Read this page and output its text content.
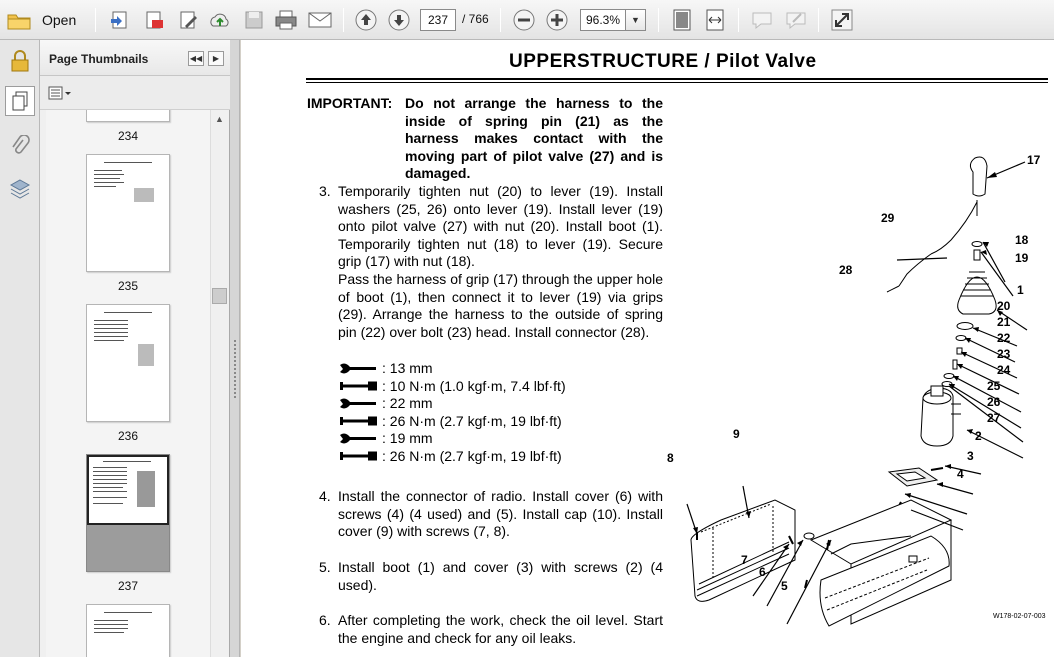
Open	237	/ 766	96.3%	▼
Page Thumbnails	◀◀ ▶
234
235
236
237
▲
UPPERSTRUCTURE / Pilot Valve
IMPORTANT: Do not arrange the harness to the inside of spring pin (21) as the harness makes contact with the moving part of pilot valve (27) and is damaged.
3. Temporarily tighten nut (20) to lever (19). Install washers (25, 26) onto lever (19). Install lever (19) onto pilot valve (27) with nut (20). Install boot (1). Temporarily tighten nut (18) to lever (19). Secure grip (17) with nut (18).
Pass the harness of grip (17) through the upper hole of boot (1), then connect it to lever (19) via grips (29). Arrange the harness to the outside of spring pin (22) over bolt (23) head. Install connector (28).
: 13 mm
: 10 N·m (1.0 kgf·m, 7.4 lbf·ft)
: 22 mm
: 26 N·m (2.7 kgf·m, 19 lbf·ft)
: 19 mm
: 26 N·m (2.7 kgf·m, 19 lbf·ft)
4. Install the connector of radio. Install cover (6) with screws (4) (4 used) and (5). Install cap (10). Install cover (9) with screws (7, 8).
5. Install boot (1) and cover (3) with screws (2) (4 used).
6. After completing the work, check the oil level. Start the engine and check for any oil leaks.
17
29
18
19
28
1
20
21
22
23
24
25
26
27
2
3
9
8
4
7
6
5
W178-02-07-003
